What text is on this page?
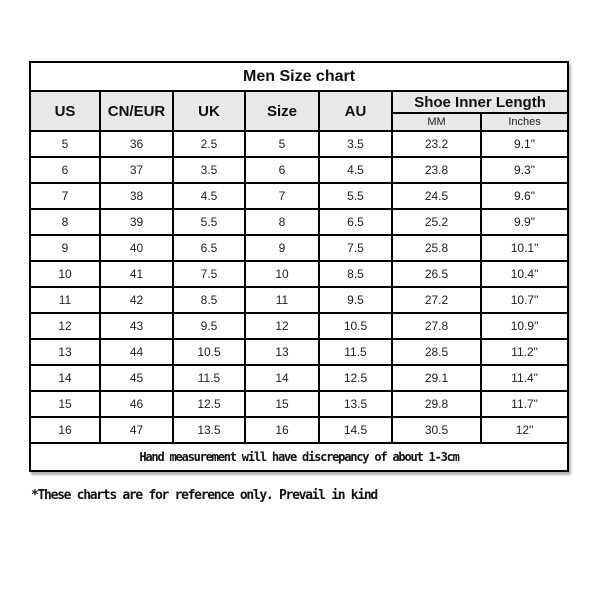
Men Size chart						
US	CN/EUR	UK	Size	AU	Shoe Inner Length	
					MM	Inches
5	36	2.5	5	3.5	23.2	9.1"
6	37	3.5	6	4.5	23.8	9.3"
7	38	4.5	7	5.5	24.5	9.6"
8	39	5.5	8	6.5	25.2	9.9"
9	40	6.5	9	7.5	25.8	10.1"
10	41	7.5	10	8.5	26.5	10.4"
11	42	8.5	11	9.5	27.2	10.7"
12	43	9.5	12	10.5	27.8	10.9"
13	44	10.5	13	11.5	28.5	11.2"
14	45	11.5	14	12.5	29.1	11.4"
15	46	12.5	15	13.5	29.8	11.7"
16	47	13.5	16	14.5	30.5	12"
Hand measurement will have discrepancy of about 1-3cm						
*These charts are for reference only. Prevail in kind
